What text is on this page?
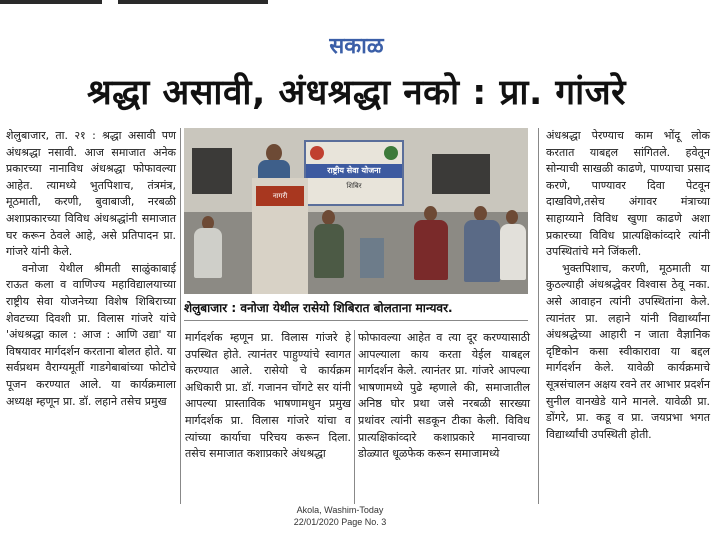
सकाळ
श्रद्धा असावी, अंधश्रद्धा नको : प्रा. गांजरे

शेलुबाजार, ता. २१ : श्रद्धा असावी पण अंधश्रद्धा नसावी. आज समाजात अनेक प्रकारच्या नानाविध अंधश्रद्धा फोफावल्या आहेत. त्यामध्ये भुतपिशाच, तंत्रमंत्र, मूठमाती, करणी, बुवाबाजी, नरबळी अशाप्रकारच्या विविध अंधश्रद्धांनी समाजात घर करून ठेवले आहे, असे प्रतिपादन प्रा. गांजरे यांनी केले.

वनोजा येथील श्रीमती साळुंकाबाई राऊत कला व वाणिज्य महाविद्यालयाच्या राष्ट्रीय सेवा योजनेच्या विशेष शिबिराच्या शेवटच्या दिवशी प्रा. विलास गांजरे यांचे 'अंधश्रद्धा काल : आज : आणि उद्या' या विषयावर मार्गदर्शन करताना बोलत होते. या सर्वप्रथम वैराग्यमूर्ती गाडगेबाबांच्या फोटोचे पूजन करण्यात आले. या कार्यक्रमाला अध्यक्ष म्हणून प्रा. डॉ. लहाने तसेच प्रमुख

राष्ट्रीय सेवा योजना
शिबिर
नागरी
शेलुबाजार : वनोजा येथील रासेयो शिबिरात बोलताना मान्यवर.

मार्गदर्शक म्हणून प्रा. विलास गांजरे हे उपस्थित होते. त्यानंतर पाहुण्यांचे स्वागत करण्यात आले. रासेयो चे कार्यक्रम अधिकारी प्रा. डॉ. गजानन चोंगटे सर यांनी आपल्या प्रास्ताविक भाषणामधुन प्रमुख मार्गदर्शक प्रा. विलास गांजरे यांचा व त्यांच्या कार्याचा परिचय करून दिला. तसेच समाजात कशाप्रकारे अंधश्रद्धा

फोफावल्या आहेत व त्या दूर करण्यासाठी आपल्याला काय करता येईल याबद्दल मार्गदर्शन केले. त्यानंतर प्रा. गांजरे आपल्या भाषणामध्ये पुढे म्हणाले की, समाजातील अनिष्ठ घोर प्रथा जसे नरबळी सारख्या प्रथांवर त्यांनी सडकून टीका केली. विविध प्रात्यक्षिकांव्दारे कशाप्रकारे मानवाच्या डोळ्यात धूळफेक करून समाजामध्ये

अंधश्रद्धा पेरण्याच काम भोंदू लोक करतात याबद्दल सांगितले. हवेतून सोन्याची साखळी काढणे, पाण्याचा प्रसाद करणे, पाण्यावर दिवा पेटवून दाखविणे,तसेच अंगावर मंत्राच्या साहाय्याने विविध खुणा काढणे अशा प्रकारच्या विविध प्रात्यक्षिकांव्दारे त्यांनी उपस्थितांचे मने जिंकली.

भुक्तपिशाच, करणी, मूठमाती या कुठल्याही अंधश्रद्धेवर विश्वास ठेवू नका. असे आवाहन त्यांनी उपस्थितांना केले. त्यानंतर प्रा. लहाने यांनी विद्यार्थ्यांना अंधश्रद्धेच्या आहारी न जाता वैज्ञानिक दृष्टिकोन कसा स्वीकारावा या बद्दल मार्गदर्शन केले. यावेळी कार्यक्रमाचे सूत्रसंचालन अक्षय रवने तर आभार प्रदर्शन सुनील वानखेडे याने मानले. यावेळी प्रा. डोंगरे, प्रा. कडू व प्रा. जयप्रभा भगत विद्यार्थ्यांची उपस्थिती होती.

Akola, Washim-Today
22/01/2020 Page No. 3
